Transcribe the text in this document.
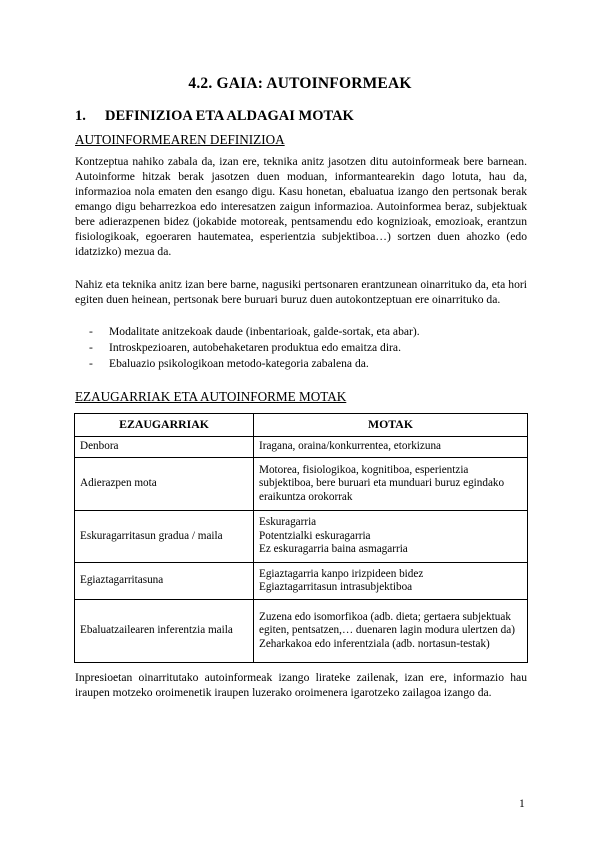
4.2. GAIA: AUTOINFORMEAK
1. DEFINIZIOA ETA ALDAGAI MOTAK
AUTOINFORMEAREN DEFINIZIOA

Kontzeptua nahiko zabala da, izan ere, teknika anitz jasotzen ditu autoinformeak bere barnean. Autoinforme hitzak berak jasotzen duen moduan, informantearekin dago lotuta, hau da, informazioa nola ematen den esango digu. Kasu honetan, ebaluatua izango den pertsonak berak emango digu beharrezkoa edo interesatzen zaigun informazioa. Autoinformea beraz, subjektuak bere adierazpenen bidez (jokabide motoreak, pentsamendu edo kognizioak, emozioak, erantzun fisiologikoak, egoeraren hautematea, esperientzia subjektiboa…) sortzen duen ahozko (edo idatzizko) mezua da.

Nahiz eta teknika anitz izan bere barne, nagusiki pertsonaren erantzunean oinarrituko da, eta hori egiten duen heinean, pertsonak bere buruari buruz duen autokontzeptuan ere oinarrituko da.

- Modalitate anitzekoak daude (inbentarioak, galde-sortak, eta abar).
- Introskpezioaren, autobehaketaren produktua edo emaitza dira.
- Ebaluazio psikologikoan metodo-kategoria zabalena da.
EZAUGARRIAK ETA AUTOINFORME MOTAK
EZAUGARRIAK	MOTAK
Denbora	Iragana, oraina/konkurrentea, etorkizuna

Adierazpen mota	Motorea, fisiologikoa, kognitiboa, esperientzia subjektiboa, bere buruari eta munduari buruz egindako eraikuntza orokorrak

Eskuragarritasun gradua / maila	Eskuragarria
Potentzialki eskuragarria
Ez eskuragarria baina asmagarria

Egiaztagarritasuna	Egiaztagarria kanpo irizpideen bidez
Egiaztagarritasun intrasubjektiboa

Ebaluatzailearen inferentzia maila	Zuzena edo isomorfikoa (adb. dieta; gertaera subjektuak egiten, pentsatzen,… duenaren lagin modura ulertzen da)
Zeharkakoa edo inferentziala (adb. nortasun-testak)

Inpresioetan oinarritutako autoinformeak izango lirateke zailenak, izan ere, informazio hau iraupen motzeko oroimenetik iraupen luzerako oroimenera igarotzeko zailagoa izango da.

1
